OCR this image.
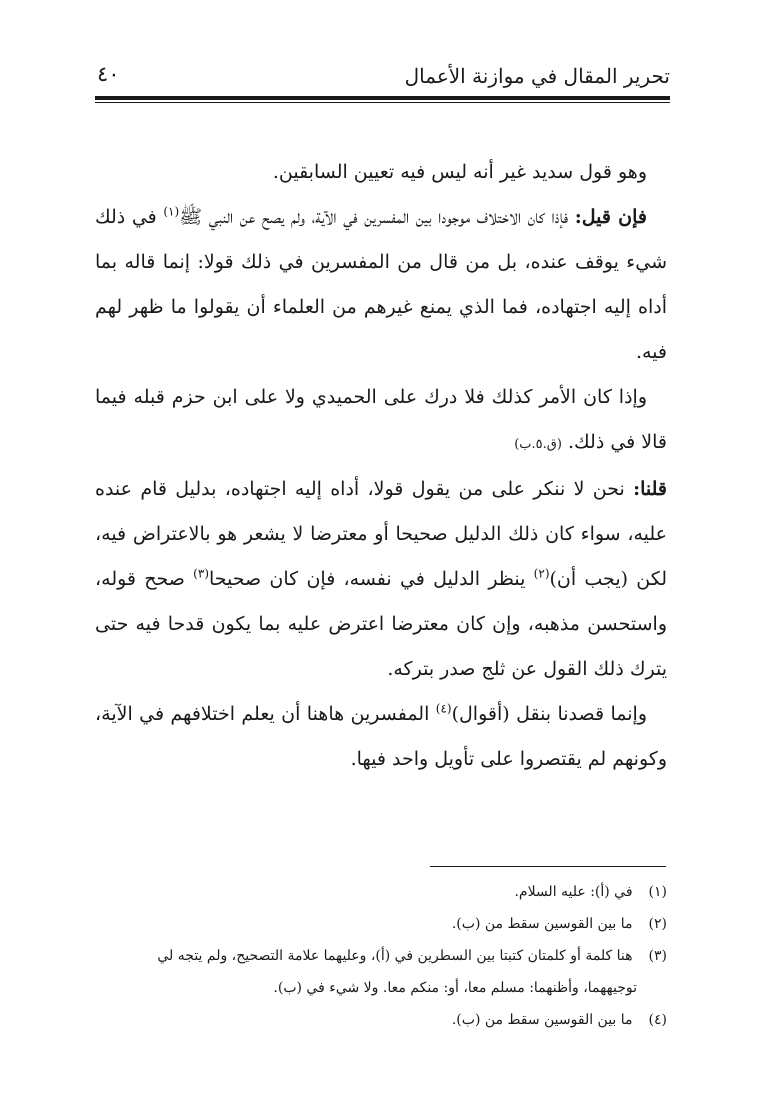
تحرير المقال في موازنة الأعمال
٤٠

وهو قول سديد غير أنه ليس فيه تعيين السابقين.

فإن قيل: فإذا كان الاختلاف موجودا بين المفسرين في الآية، ولم يصح عن النبي ﷺ$^{(١)}$ في ذلك شيء يوقف عنده، بل من قال من المفسرين في ذلك قولا: إنما قاله بما أداه إليه اجتهاده، فما الذي يمنع غيرهم من العلماء أن يقولوا ما ظهر لهم فيه.

وإذا كان الأمر كذلك فلا درك على الحميدي ولا على ابن حزم قبله فيما قالا في ذلك. (ق.٥.ب)

قلنا: نحن لا ننكر على من يقول قولا، أداه إليه اجتهاده، بدليل قام عنده عليه، سواء كان ذلك الدليل صحيحا أو معترضا لا يشعر هو بالاعتراض فيه، لكن (يجب أن)$^{(٢)}$ ينظر الدليل في نفسه، فإن كان صحيحا$^{(٣)}$ صحح قوله، واستحسن مذهبه، وإن كان معترضا اعترض عليه بما يكون قدحا فيه حتى يترك ذلك القول عن ثلج صدر بتركه.

وإنما قصدنا بنقل (أقوال)$^{(٤)}$ المفسرين هاهنا أن يعلم اختلافهم في الآية، وكونهم لم يقتصروا على تأويل واحد فيها.

(١) في (أ): عليه السلام.

(٢) ما بين القوسين سقط من (ب).

(٣) هنا كلمة أو كلمتان كتبتا بين السطرين في (أ)، وعليهما علامة التصحيح، ولم يتجه لي

توجيههما، وأظنهما: مسلم معا، أو: منكم معا. ولا شيء في (ب).

(٤) ما بين القوسين سقط من (ب).
